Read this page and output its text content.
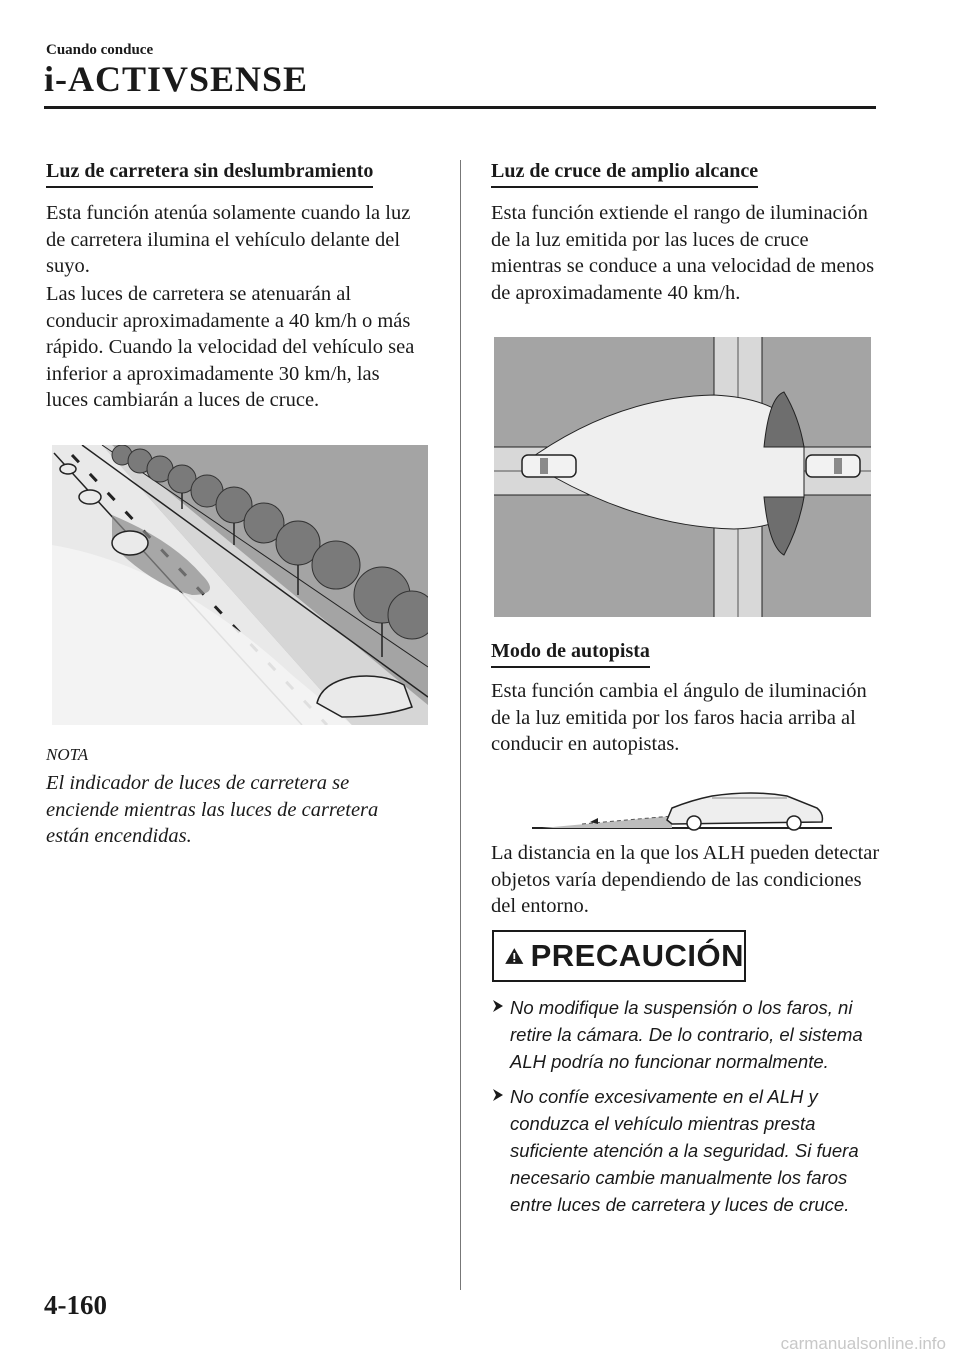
Cuando conduce
i-ACTIVSENSE
Luz de carretera sin deslumbramiento
Esta función atenúa solamente cuando la luz de carretera ilumina el vehículo delante del suyo.
Las luces de carretera se atenuarán al conducir aproximadamente a 40 km/h o más rápido. Cuando la velocidad del vehículo sea inferior a aproximadamente 30 km/h, las luces cambiarán a luces de cruce.
NOTA
El indicador de luces de carretera se enciende mientras las luces de carretera están encendidas.
Luz de cruce de amplio alcance
Esta función extiende el rango de iluminación de la luz emitida por las luces de cruce mientras se conduce a una velocidad de menos de aproximadamente 40 km/h.
Modo de autopista
Esta función cambia el ángulo de iluminación de la luz emitida por los faros hacia arriba al conducir en autopistas.
La distancia en la que los ALH pueden detectar objetos varía dependiendo de las condiciones del entorno.
PRECAUCIÓN
No modifique la suspensión o los faros, ni retire la cámara. De lo contrario, el sistema ALH podría no funcionar normalmente.
No confíe excesivamente en el ALH y conduzca el vehículo mientras presta suficiente atención a la seguridad. Si fuera necesario cambie manualmente los faros entre luces de carretera y luces de cruce.
4-160
carmanualsonline.info
